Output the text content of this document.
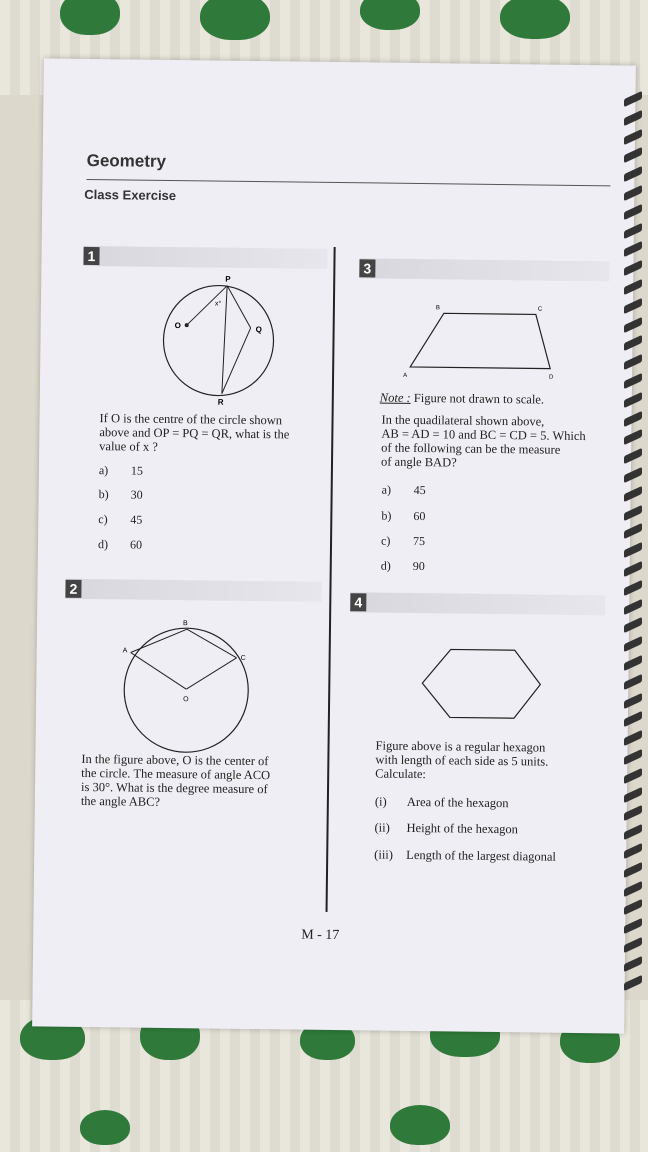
Geometry
Class Exercise
1
P
Q
R
O
x°
If O is the centre of the circle shown
above and OP = PQ = QR, what is the
value of x ?
a) 15
b) 30
c) 45
d) 60
2
B
A
C
O
In the figure above, O is the center of
the circle. The measure of angle ACO
is 30°. What is the degree measure of
the angle ABC?
3
A
B	C
D
Note : Figure not drawn to scale.
In the quadilateral shown above,
AB = AD = 10 and BC = CD = 5. Which
of the following can be the measure
of angle BAD?
a) 45
b) 60
c) 75
d) 90
4
Figure above is a regular hexagon
with length of each side as 5 units.
Calculate:
(i) Area of the hexagon
(ii) Height of the hexagon
(iii) Length of the largest diagonal
M - 17
